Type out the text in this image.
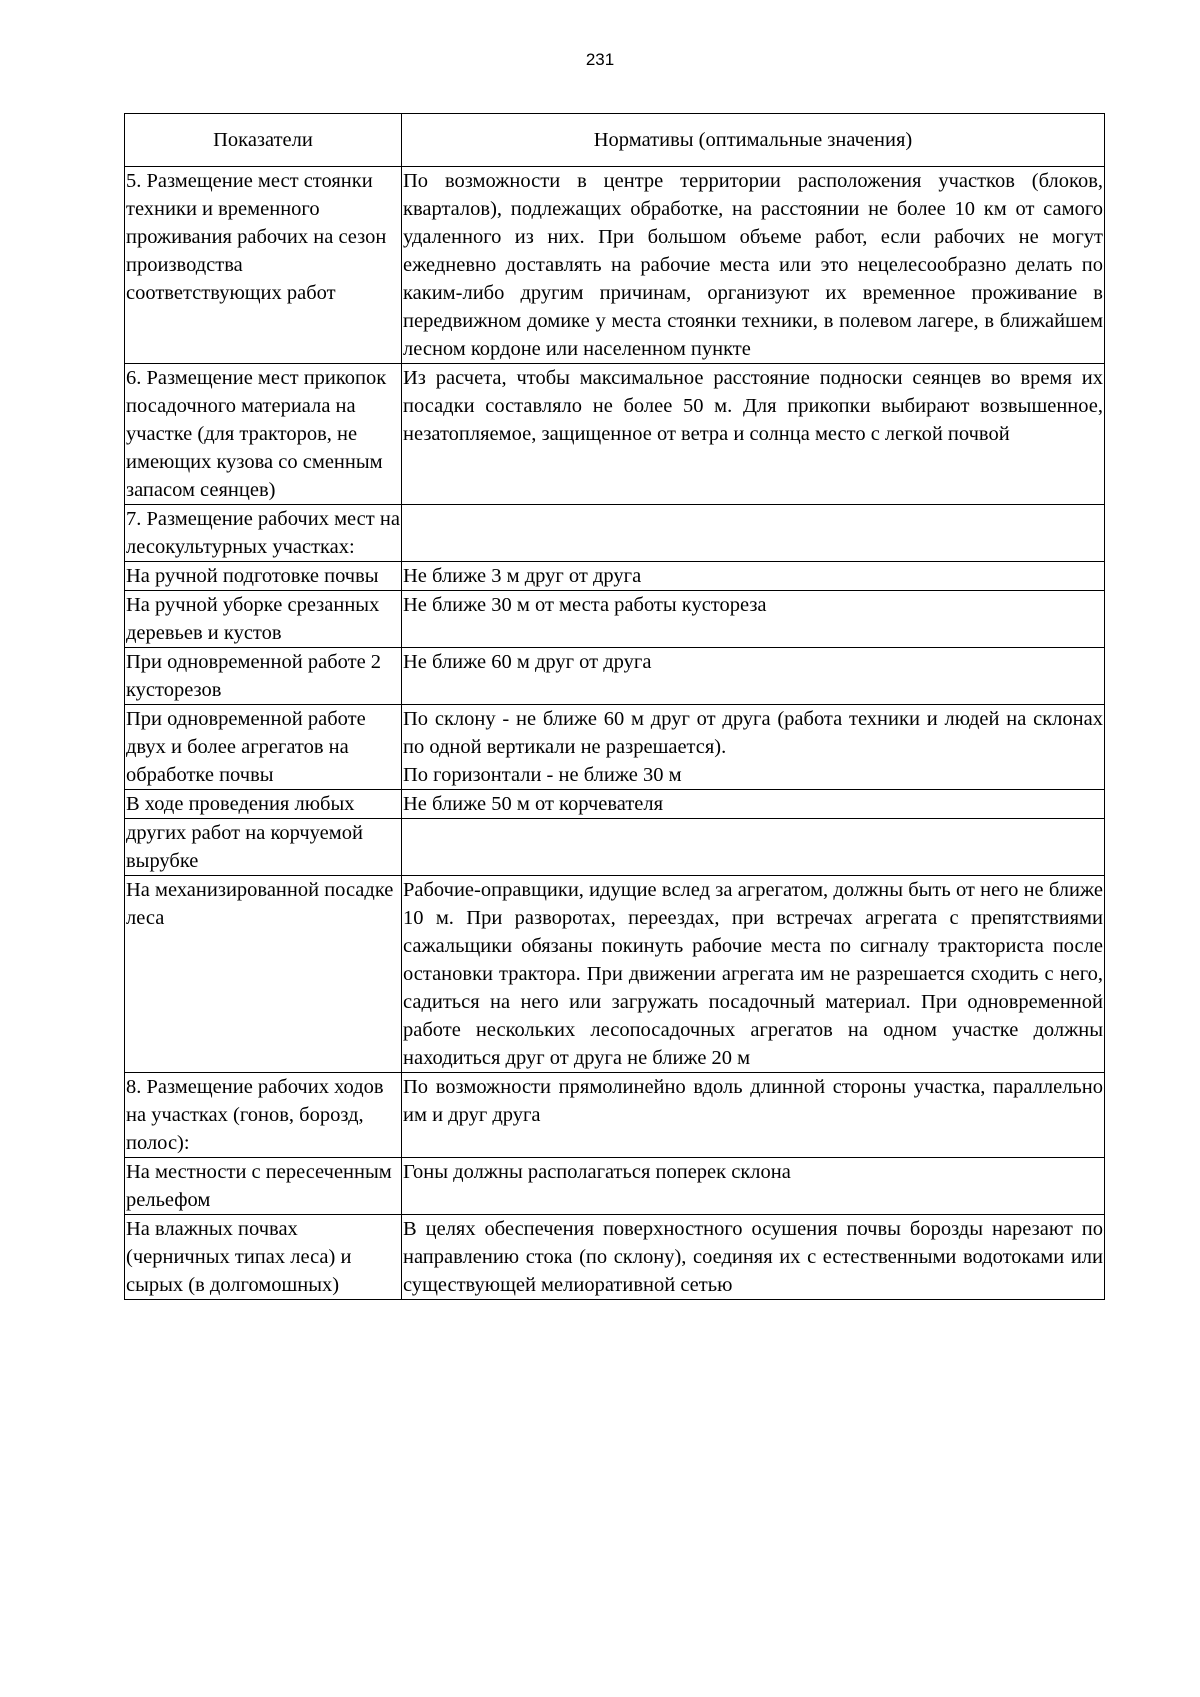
231
Показатели	Нормативы (оптимальные значения)
5. Размещение мест стоянки техники и временного проживания рабочих на сезон производства соответствующих работ	По возможности в центре территории расположения участков (блоков, кварталов), подлежащих обработке, на расстоянии не более 10 км от самого удаленного из них. При большом объеме работ, если рабочих не могут ежедневно доставлять на рабочие места или это нецелесообразно делать по каким-либо другим причинам, организуют их временное проживание в передвижном домике у места стоянки техники, в полевом лагере, в ближайшем лесном кордоне или населенном пункте
6. Размещение мест прикопок посадочного материала на участке (для тракторов, не имеющих кузова со сменным запасом сеянцев)	Из расчета, чтобы максимальное расстояние подноски сеянцев во время их посадки составляло не более 50 м. Для прикопки выбирают возвышенное, незатопляемое, защищенное от ветра и солнца место с легкой почвой
7. Размещение рабочих мест на лесокультурных участках:	
На ручной подготовке почвы	Не ближе 3 м друг от друга
На ручной уборке срезанных деревьев и кустов	Не ближе 30 м от места работы кустореза
При одновременной работе 2 кусторезов	Не ближе 60 м друг от друга
При одновременной работе двух и более агрегатов на обработке почвы	По склону - не ближе 60 м друг от друга (работа техники и людей на склонах по одной вертикали не разрешается).
По горизонтали - не ближе 30 м

В ходе проведения любых	Не ближе 50 м от корчевателя
других работ на корчуемой вырубке	
На механизированной посадке леса	Рабочие-оправщики, идущие вслед за агрегатом, должны быть от него не ближе 10 м. При разворотах, переездах, при встречах агрегата с препятствиями сажальщики обязаны покинуть рабочие места по сигналу тракториста после остановки трактора. При движении агрегата им не разрешается сходить с него, садиться на него или загружать посадочный материал. При одновременной работе нескольких лесопосадочных агрегатов на одном участке должны находиться друг от друга не ближе 20 м
8. Размещение рабочих ходов на участках (гонов, борозд, полос):	По возможности прямолинейно вдоль длинной стороны участка, параллельно им и друг друга
На местности с пересеченным рельефом	Гоны должны располагаться поперек склона
На влажных почвах (черничных типах леса) и сырых (в долгомошных)	В целях обеспечения поверхностного осушения почвы борозды нарезают по направлению стока (по склону), соединяя их с естественными водотоками или существующей мелиоративной сетью
